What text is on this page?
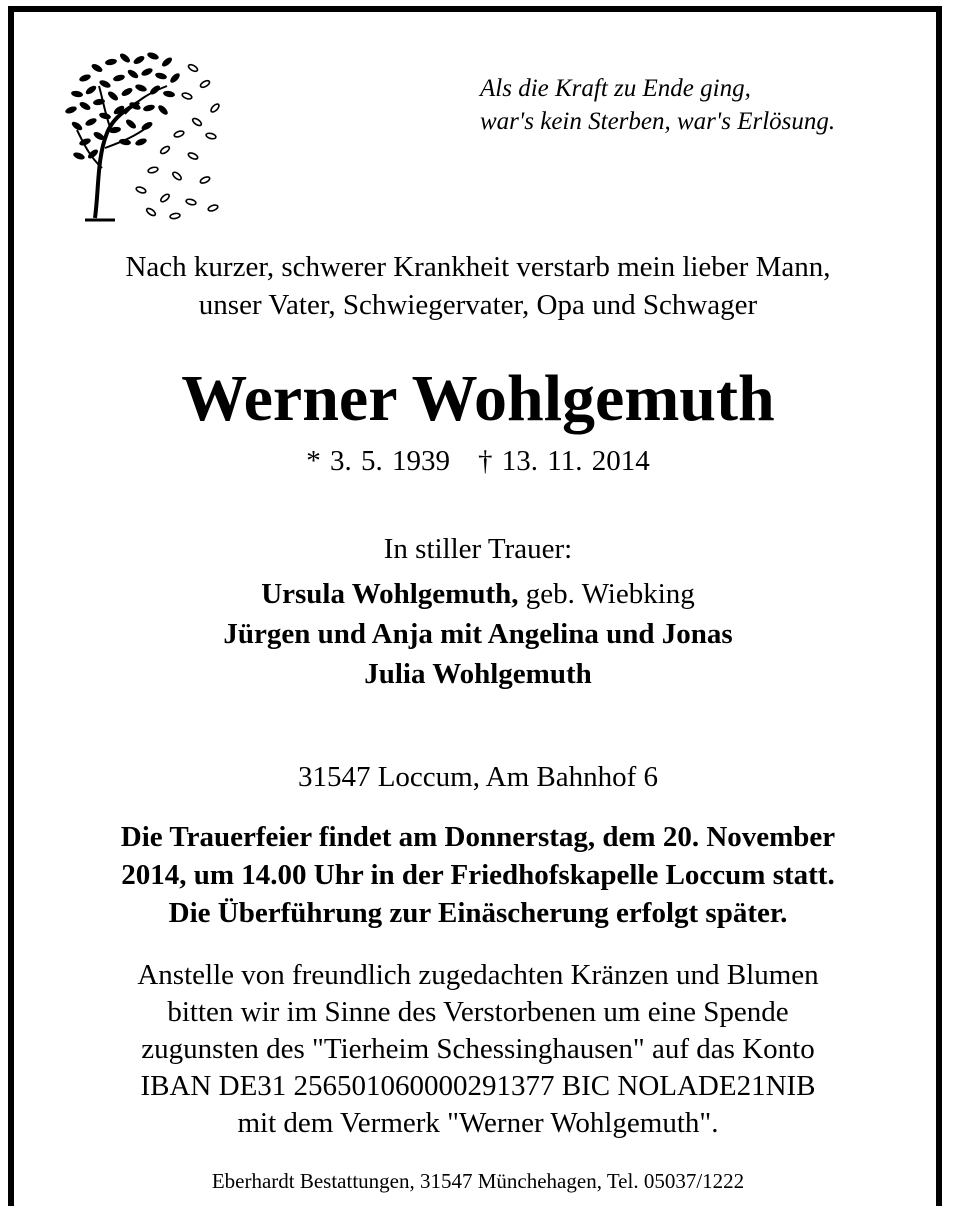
Als die Kraft zu Ende ging,
war's kein Sterben, war's Erlösung.
Nach kurzer, schwerer Krankheit verstarb mein lieber Mann,
unser Vater, Schwiegervater, Opa und Schwager
Werner Wohlgemuth
* 3. 5. 1939 † 13. 11. 2014
In stiller Trauer:
Ursula Wohlgemuth, geb. Wiebking
Jürgen und Anja mit Angelina und Jonas
Julia Wohlgemuth
31547 Loccum, Am Bahnhof 6
Die Trauerfeier findet am Donnerstag, dem 20. November
2014, um 14.00 Uhr in der Friedhofskapelle Loccum statt.
Die Überführung zur Einäscherung erfolgt später.
Anstelle von freundlich zugedachten Kränzen und Blumen
bitten wir im Sinne des Verstorbenen um eine Spende
zugunsten des "Tierheim Schessinghausen" auf das Konto
IBAN DE31 256501060000291377 BIC NOLADE21NIB
mit dem Vermerk "Werner Wohlgemuth".
Eberhardt Bestattungen, 31547 Münchehagen, Tel. 05037/1222
